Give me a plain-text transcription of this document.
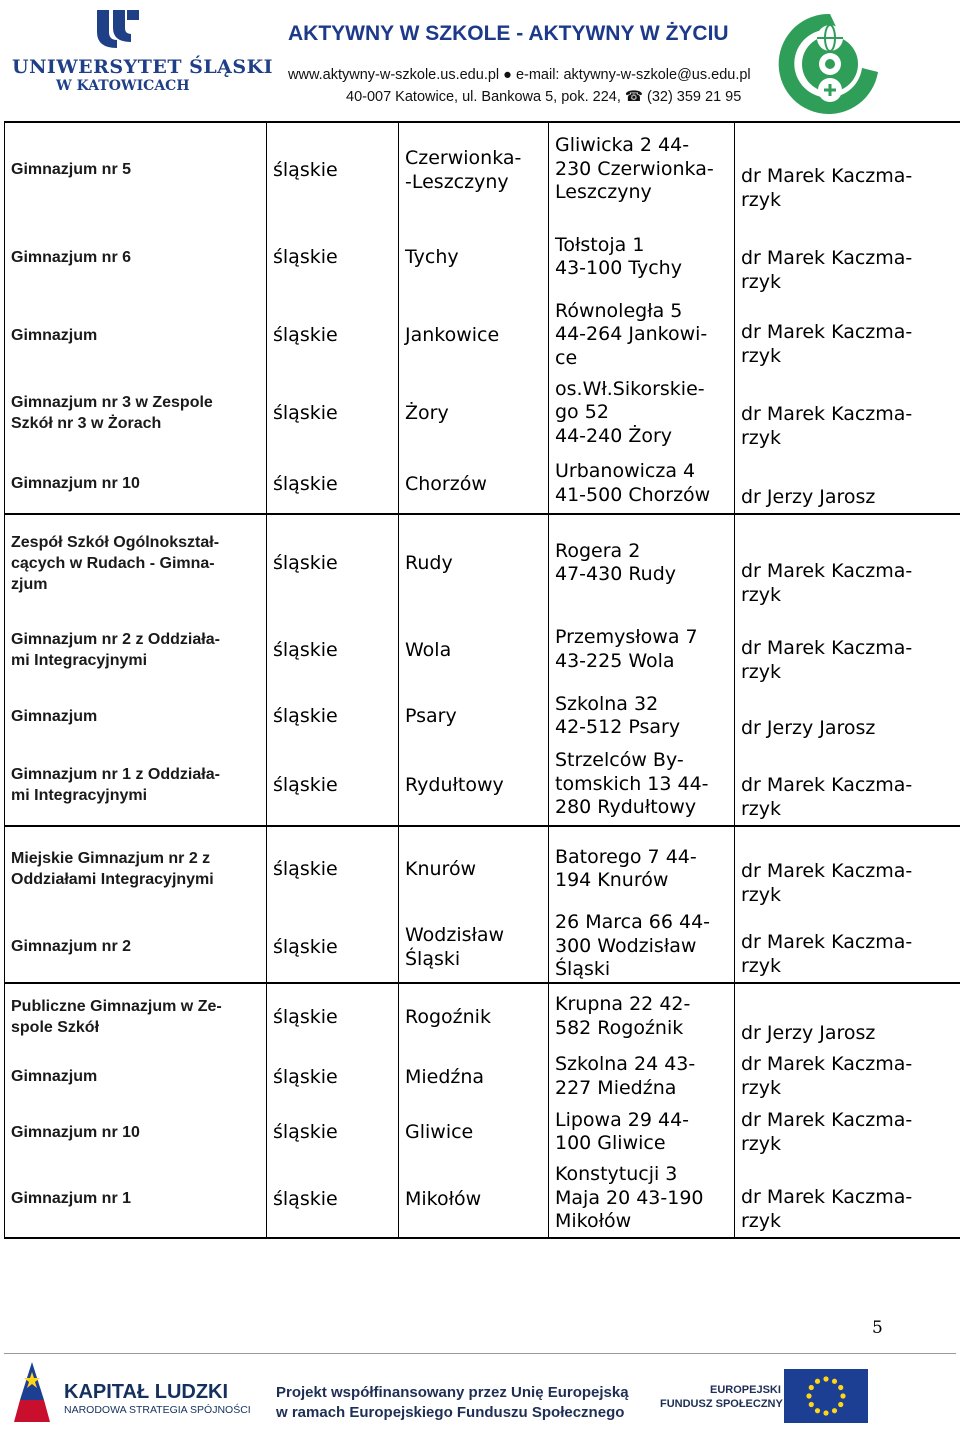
UNIWERSYTET ŚLĄSKI
W KATOWICACH
AKTYWNY W SZKOLE - AKTYWNY W ŻYCIU
www.aktywny-w-szkole.us.edu.pl ● e-mail: aktywny-w-szkole@us.edu.pl
40-007 Katowice, ul. Bankowa 5, pok. 224, ☎ (32) 359 21 95
Gimnazjum nr 5	śląskie	Czerwionka-
-Leszczyny	Gliwicka 2 44-
230 Czerwionka-
Leszczyny	dr Marek Kaczma-
rzyk
Gimnazjum nr 6	śląskie	Tychy	Tołstoja 1
43-100 Tychy	dr Marek Kaczma-
rzyk
Gimnazjum	śląskie	Jankowice	Równoległa 5
44-264 Jankowi-
ce	dr Marek Kaczma-
rzyk
Gimnazjum nr 3 w Zespole
Szkół nr 3 w Żorach	śląskie	Żory	os.Wł.Sikorskie-
go 52
44-240 Żory	dr Marek Kaczma-
rzyk
Gimnazjum nr 10	śląskie	Chorzów	Urbanowicza 4
41-500 Chorzów	dr Jerzy Jarosz
Zespół Szkół Ogólnokształ-
cących w Rudach - Gimna-
zjum	śląskie	Rudy	Rogera 2
47-430 Rudy	dr Marek Kaczma-
rzyk
Gimnazjum nr 2 z Oddziała-
mi Integracyjnymi	śląskie	Wola	Przemysłowa 7
43-225 Wola	dr Marek Kaczma-
rzyk
Gimnazjum	śląskie	Psary	Szkolna 32
42-512 Psary	dr Jerzy Jarosz
Gimnazjum nr 1 z Oddziała-
mi Integracyjnymi	śląskie	Rydułtowy	Strzelców By-
tomskich 13 44-
280 Rydułtowy	dr Marek Kaczma-
rzyk
Miejskie Gimnazjum nr 2 z
Oddziałami Integracyjnymi	śląskie	Knurów	Batorego 7 44-
194 Knurów	dr Marek Kaczma-
rzyk
Gimnazjum nr 2	śląskie	Wodzisław
Śląski	26 Marca 66 44-
300 Wodzisław
Śląski	dr Marek Kaczma-
rzyk
Publiczne Gimnazjum w Ze-
spole Szkół	śląskie	Rogoźnik	Krupna 22 42-
582 Rogoźnik	dr Jerzy Jarosz
Gimnazjum	śląskie	Miedźna	Szkolna 24 43-
227 Miedźna	dr Marek Kaczma-
rzyk
Gimnazjum nr 10	śląskie	Gliwice	Lipowa 29 44-
100 Gliwice	dr Marek Kaczma-
rzyk
Gimnazjum nr 1	śląskie	Mikołów	Konstytucji 3
Maja 20 43-190
Mikołów	dr Marek Kaczma-
rzyk
5
KAPITAŁ LUDZKI
NARODOWA STRATEGIA SPÓJNOŚCI
Projekt współfinansowany przez Unię Europejską
w ramach Europejskiego Funduszu Społecznego
EUROPEJSKI
FUNDUSZ SPOŁECZNY
